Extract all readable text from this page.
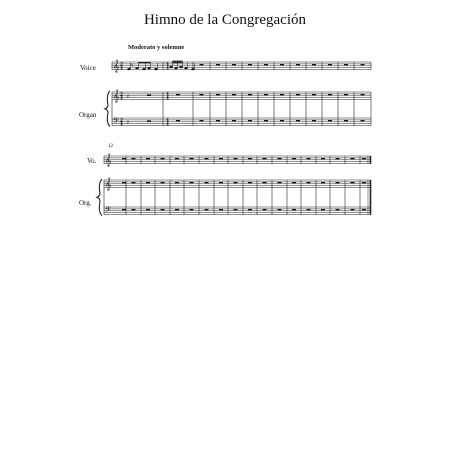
Himno de la Congregación
Moderato y solemne
Voice
Organ
Vo.
Org.
12
𝄞
𝄞
𝄢
2
4
2
4
2
4
4
4
4
4
4
4
𝄽
𝄽
𝄞
𝄞
𝄢
